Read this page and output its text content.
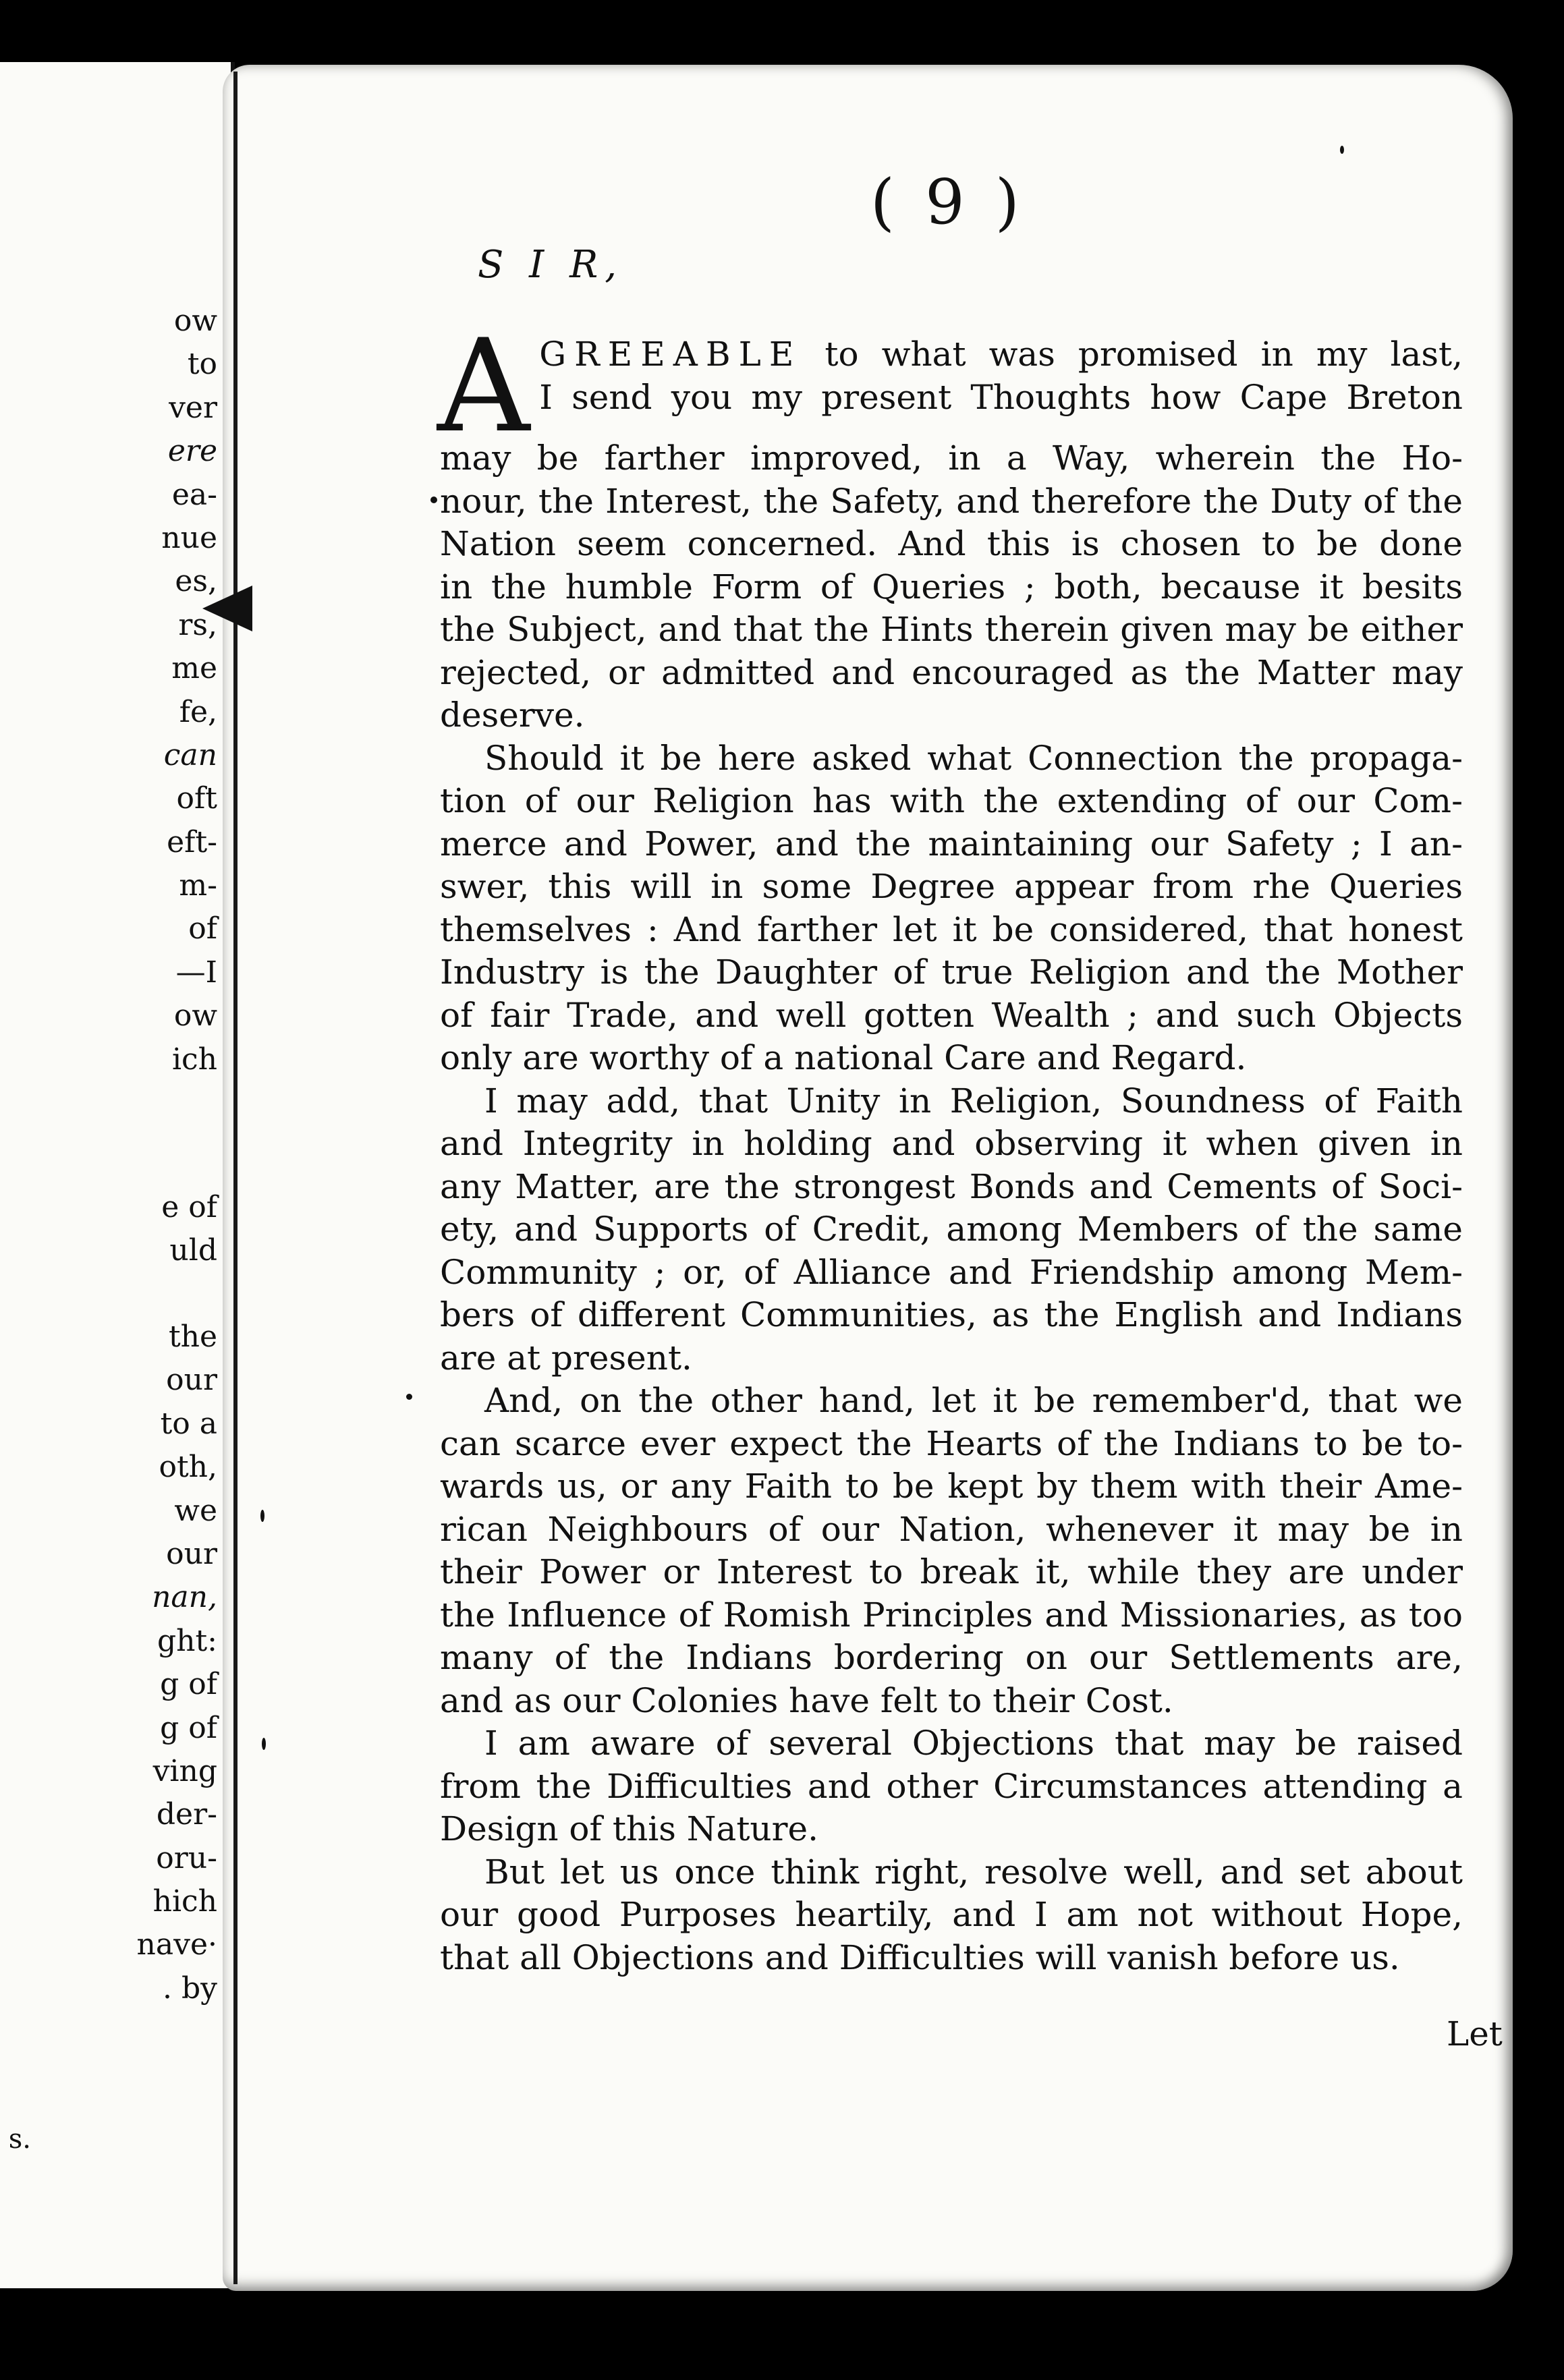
ow
to
ver
ere
ea-
nue
es,
rs,
me
fe,
can
oft
eft-
m-
of
—I
ow
ich
e of
uld
the
our
to a
oth,
we
our
nan,
ght:
g of
g of
ving
der-
oru-
hich
nave·
. by
s.
( 9 )
S I R,
A GREEABLE to what was promised in my last,
I send you my present Thoughts how Cape Breton
may be farther improved, in a Way, wherein the Ho-
nour, the Interest, the Safety, and therefore the Duty of the
Nation seem concerned. And this is chosen to be done
in the humble Form of Queries ; both, because it besits
the Subject, and that the Hints therein given may be either
rejected, or admitted and encouraged as the Matter may
deserve.
Should it be here asked what Connection the propaga-
tion of our Religion has with the extending of our Com-
merce and Power, and the maintaining our Safety ; I an-
swer, this will in some Degree appear from rhe Queries
themselves : And farther let it be considered, that honest
Industry is the Daughter of true Religion and the Mother
of fair Trade, and well gotten Wealth ; and such Objects
only are worthy of a national Care and Regard.
I may add, that Unity in Religion, Soundness of Faith
and Integrity in holding and observing it when given in
any Matter, are the strongest Bonds and Cements of Soci-
ety, and Supports of Credit, among Members of the same
Community ; or, of Alliance and Friendship among Mem-
bers of different Communities, as the English and Indians
are at present.
And, on the other hand, let it be remember'd, that we
can scarce ever expect the Hearts of the Indians to be to-
wards us, or any Faith to be kept by them with their Ame-
rican Neighbours of our Nation, whenever it may be in
their Power or Interest to break it, while they are under
the Influence of Romish Principles and Missionaries, as too
many of the Indians bordering on our Settlements are,
and as our Colonies have felt to their Cost.
I am aware of several Objections that may be raised
from the Difficulties and other Circumstances attending a
Design of this Nature.
But let us once think right, resolve well, and set about
our good Purposes heartily, and I am not without Hope,
that all Objections and Difficulties will vanish before us.
Let
